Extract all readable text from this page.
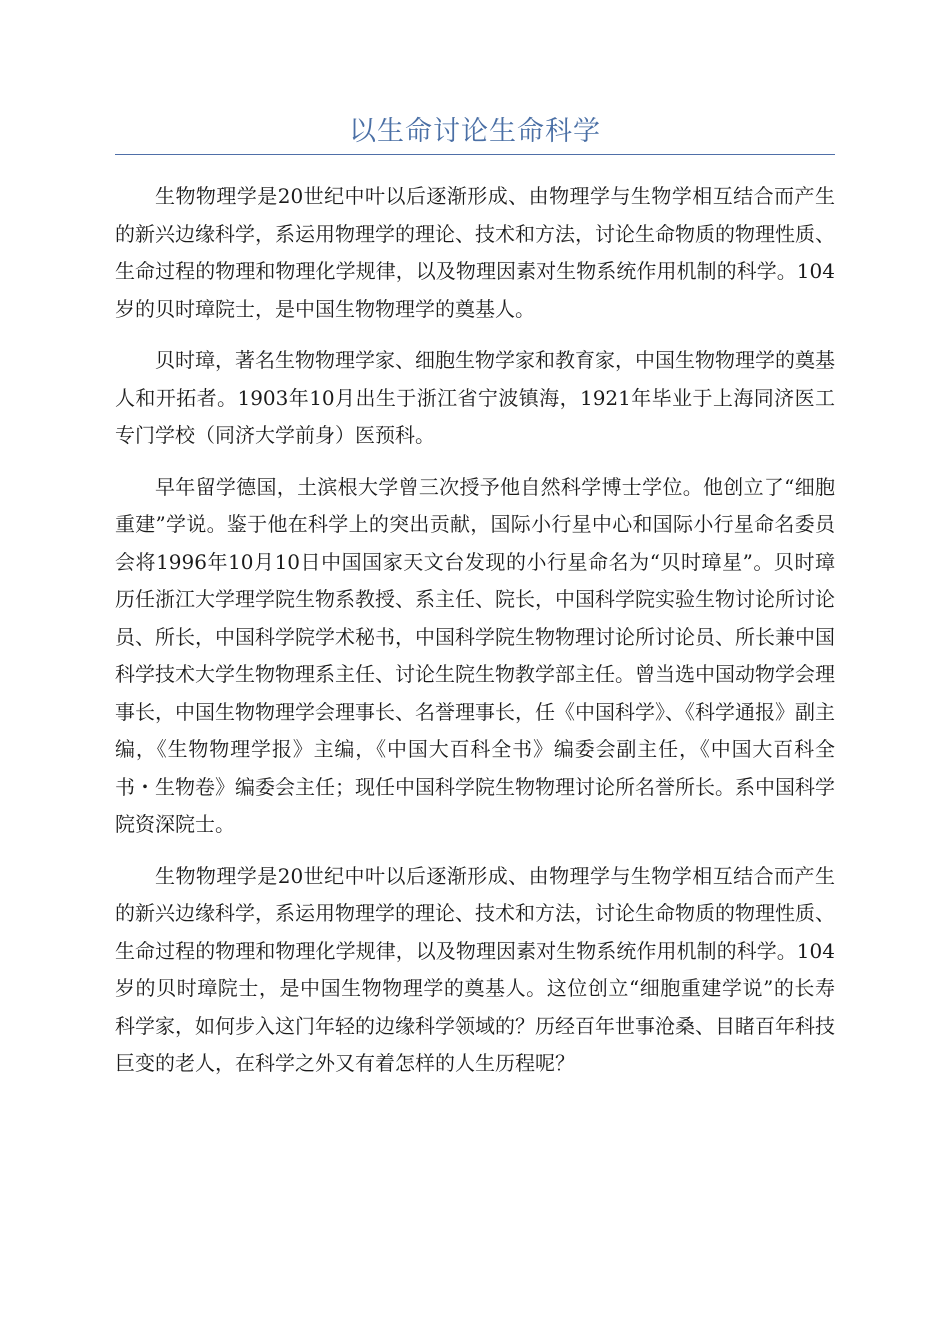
以生命讨论生命科学

生物物理学是20世纪中叶以后逐渐形成、由物理学与生物学相互结合而产生的新兴边缘科学，系运用物理学的理论、技术和方法，讨论生命物质的物理性质、生命过程的物理和物理化学规律，以及物理因素对生物系统作用机制的科学。104岁的贝时璋院士，是中国生物物理学的奠基人。

贝时璋，著名生物物理学家、细胞生物学家和教育家，中国生物物理学的奠基人和开拓者。1903年10月出生于浙江省宁波镇海，1921年毕业于上海同济医工专门学校（同济大学前身）医预科。

早年留学德国，土滨根大学曾三次授予他自然科学博士学位。他创立了“细胞重建”学说。鉴于他在科学上的突出贡献，国际小行星中心和国际小行星命名委员会将1996年10月10日中国国家天文台发现的小行星命名为“贝时璋星”。贝时璋历任浙江大学理学院生物系教授、系主任、院长，中国科学院实验生物讨论所讨论员、所长，中国科学院学术秘书，中国科学院生物物理讨论所讨论员、所长兼中国科学技术大学生物物理系主任、讨论生院生物教学部主任。曾当选中国动物学会理事长，中国生物物理学会理事长、名誉理事长，任《中国科学》、《科学通报》副主编，《生物物理学报》主编，《中国大百科全书》编委会副主任，《中国大百科全书・生物卷》编委会主任；现任中国科学院生物物理讨论所名誉所长。系中国科学院资深院士。

生物物理学是20世纪中叶以后逐渐形成、由物理学与生物学相互结合而产生的新兴边缘科学，系运用物理学的理论、技术和方法，讨论生命物质的物理性质、生命过程的物理和物理化学规律，以及物理因素对生物系统作用机制的科学。104岁的贝时璋院士，是中国生物物理学的奠基人。这位创立“细胞重建学说”的长寿科学家，如何步入这门年轻的边缘科学领域的？历经百年世事沧桑、目睹百年科技巨变的老人，在科学之外又有着怎样的人生历程呢？
